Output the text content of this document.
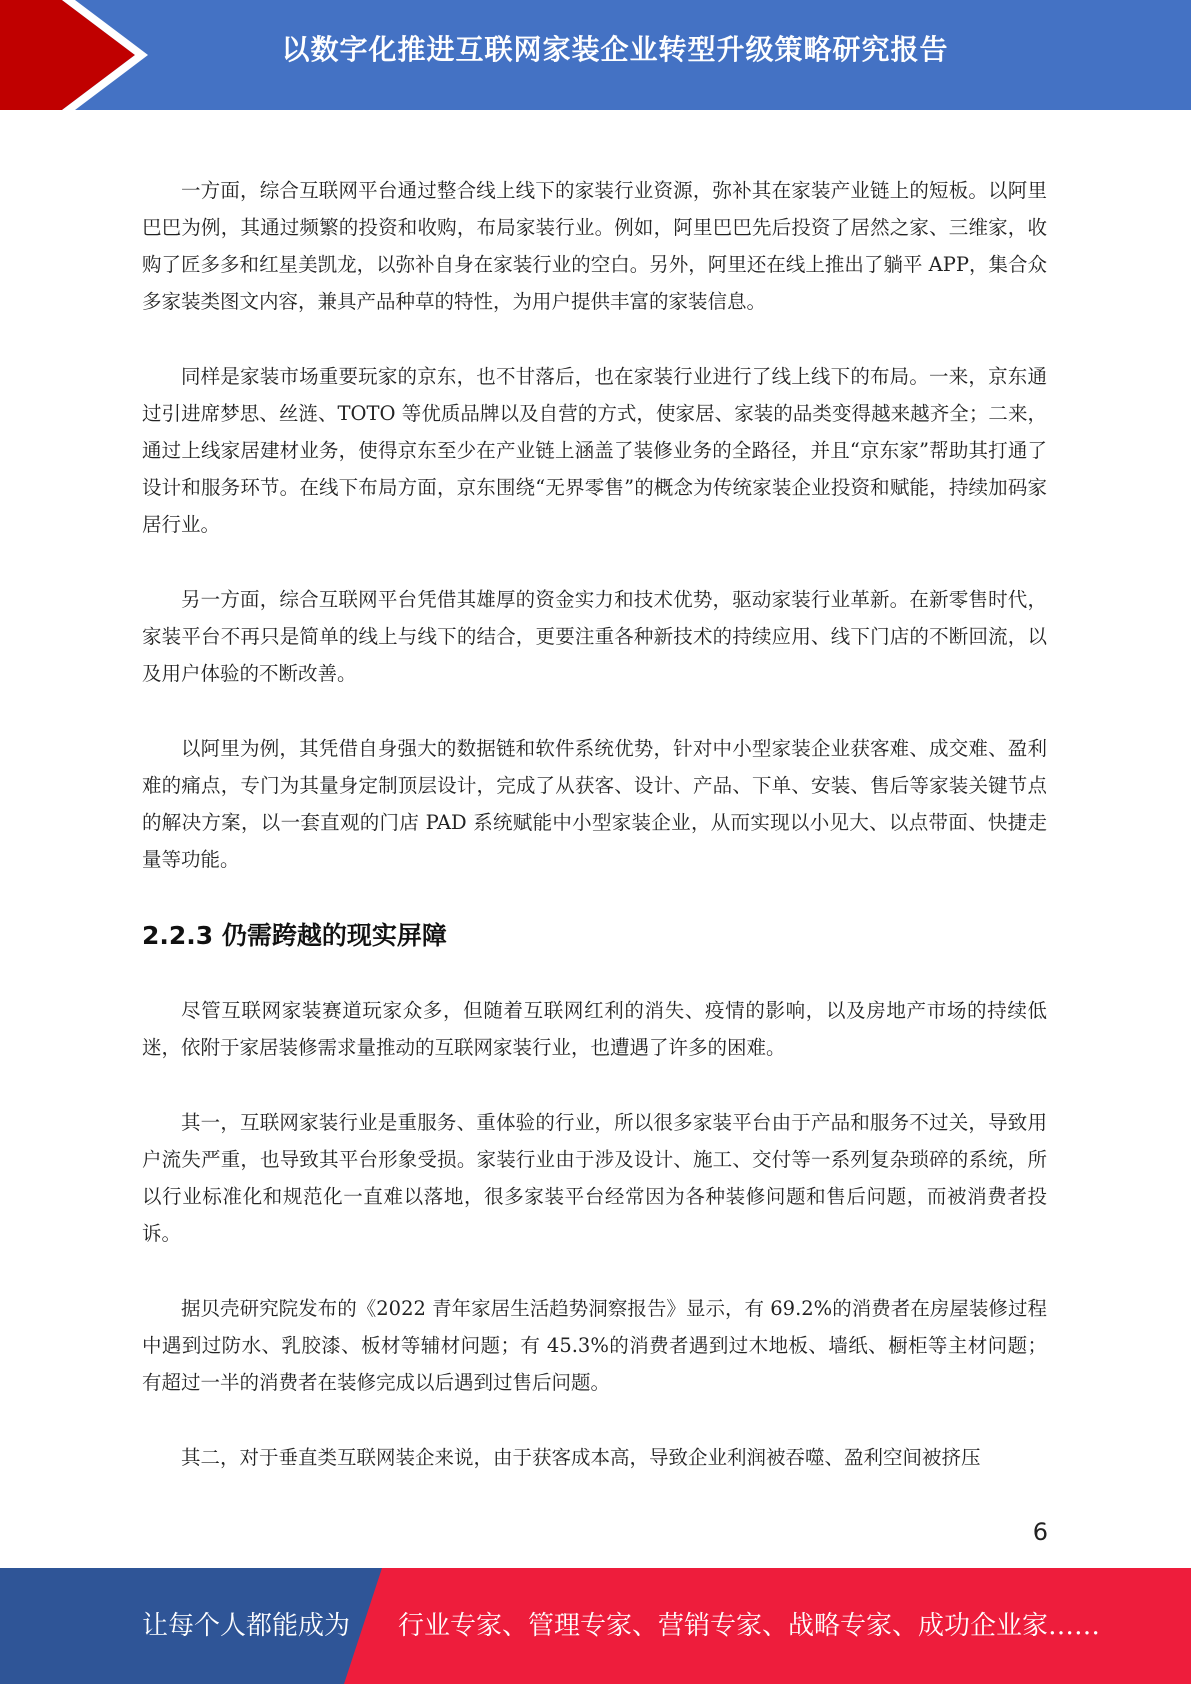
以数字化推进互联网家装企业转型升级策略研究报告

一方面，综合互联网平台通过整合线上线下的家装行业资源，弥补其在家装产业链上的短板。以阿里巴巴为例，其通过频繁的投资和收购，布局家装行业。例如，阿里巴巴先后投资了居然之家、三维家，收购了匠多多和红星美凯龙，以弥补自身在家装行业的空白。另外，阿里还在线上推出了躺平 APP，集合众多家装类图文内容，兼具产品种草的特性，为用户提供丰富的家装信息。

同样是家装市场重要玩家的京东，也不甘落后，也在家装行业进行了线上线下的布局。一来，京东通过引进席梦思、丝涟、TOTO 等优质品牌以及自营的方式，使家居、家装的品类变得越来越齐全；二来，通过上线家居建材业务，使得京东至少在产业链上涵盖了装修业务的全路径，并且“京东家”帮助其打通了设计和服务环节。在线下布局方面，京东围绕“无界零售”的概念为传统家装企业投资和赋能，持续加码家居行业。

另一方面，综合互联网平台凭借其雄厚的资金实力和技术优势，驱动家装行业革新。在新零售时代，家装平台不再只是简单的线上与线下的结合，更要注重各种新技术的持续应用、线下门店的不断回流，以及用户体验的不断改善。

以阿里为例，其凭借自身强大的数据链和软件系统优势，针对中小型家装企业获客难、成交难、盈利难的痛点，专门为其量身定制顶层设计，完成了从获客、设计、产品、下单、安装、售后等家装关键节点的解决方案，以一套直观的门店 PAD 系统赋能中小型家装企业，从而实现以小见大、以点带面、快捷走量等功能。

2.2.3 仍需跨越的现实屏障

尽管互联网家装赛道玩家众多，但随着互联网红利的消失、疫情的影响，以及房地产市场的持续低迷，依附于家居装修需求量推动的互联网家装行业，也遭遇了许多的困难。

其一，互联网家装行业是重服务、重体验的行业，所以很多家装平台由于产品和服务不过关，导致用户流失严重，也导致其平台形象受损。家装行业由于涉及设计、施工、交付等一系列复杂琐碎的系统，所以行业标准化和规范化一直难以落地，很多家装平台经常因为各种装修问题和售后问题，而被消费者投诉。

据贝壳研究院发布的《2022 青年家居生活趋势洞察报告》显示，有 69.2%的消费者在房屋装修过程中遇到过防水、乳胶漆、板材等辅材问题；有 45.3%的消费者遇到过木地板、墙纸、橱柜等主材问题；有超过一半的消费者在装修完成以后遇到过售后问题。

其二，对于垂直类互联网装企来说，由于获客成本高，导致企业利润被吞噬、盈利空间被挤压

6
让每个人都能成为 行业专家、管理专家、营销专家、战略专家、成功企业家……
